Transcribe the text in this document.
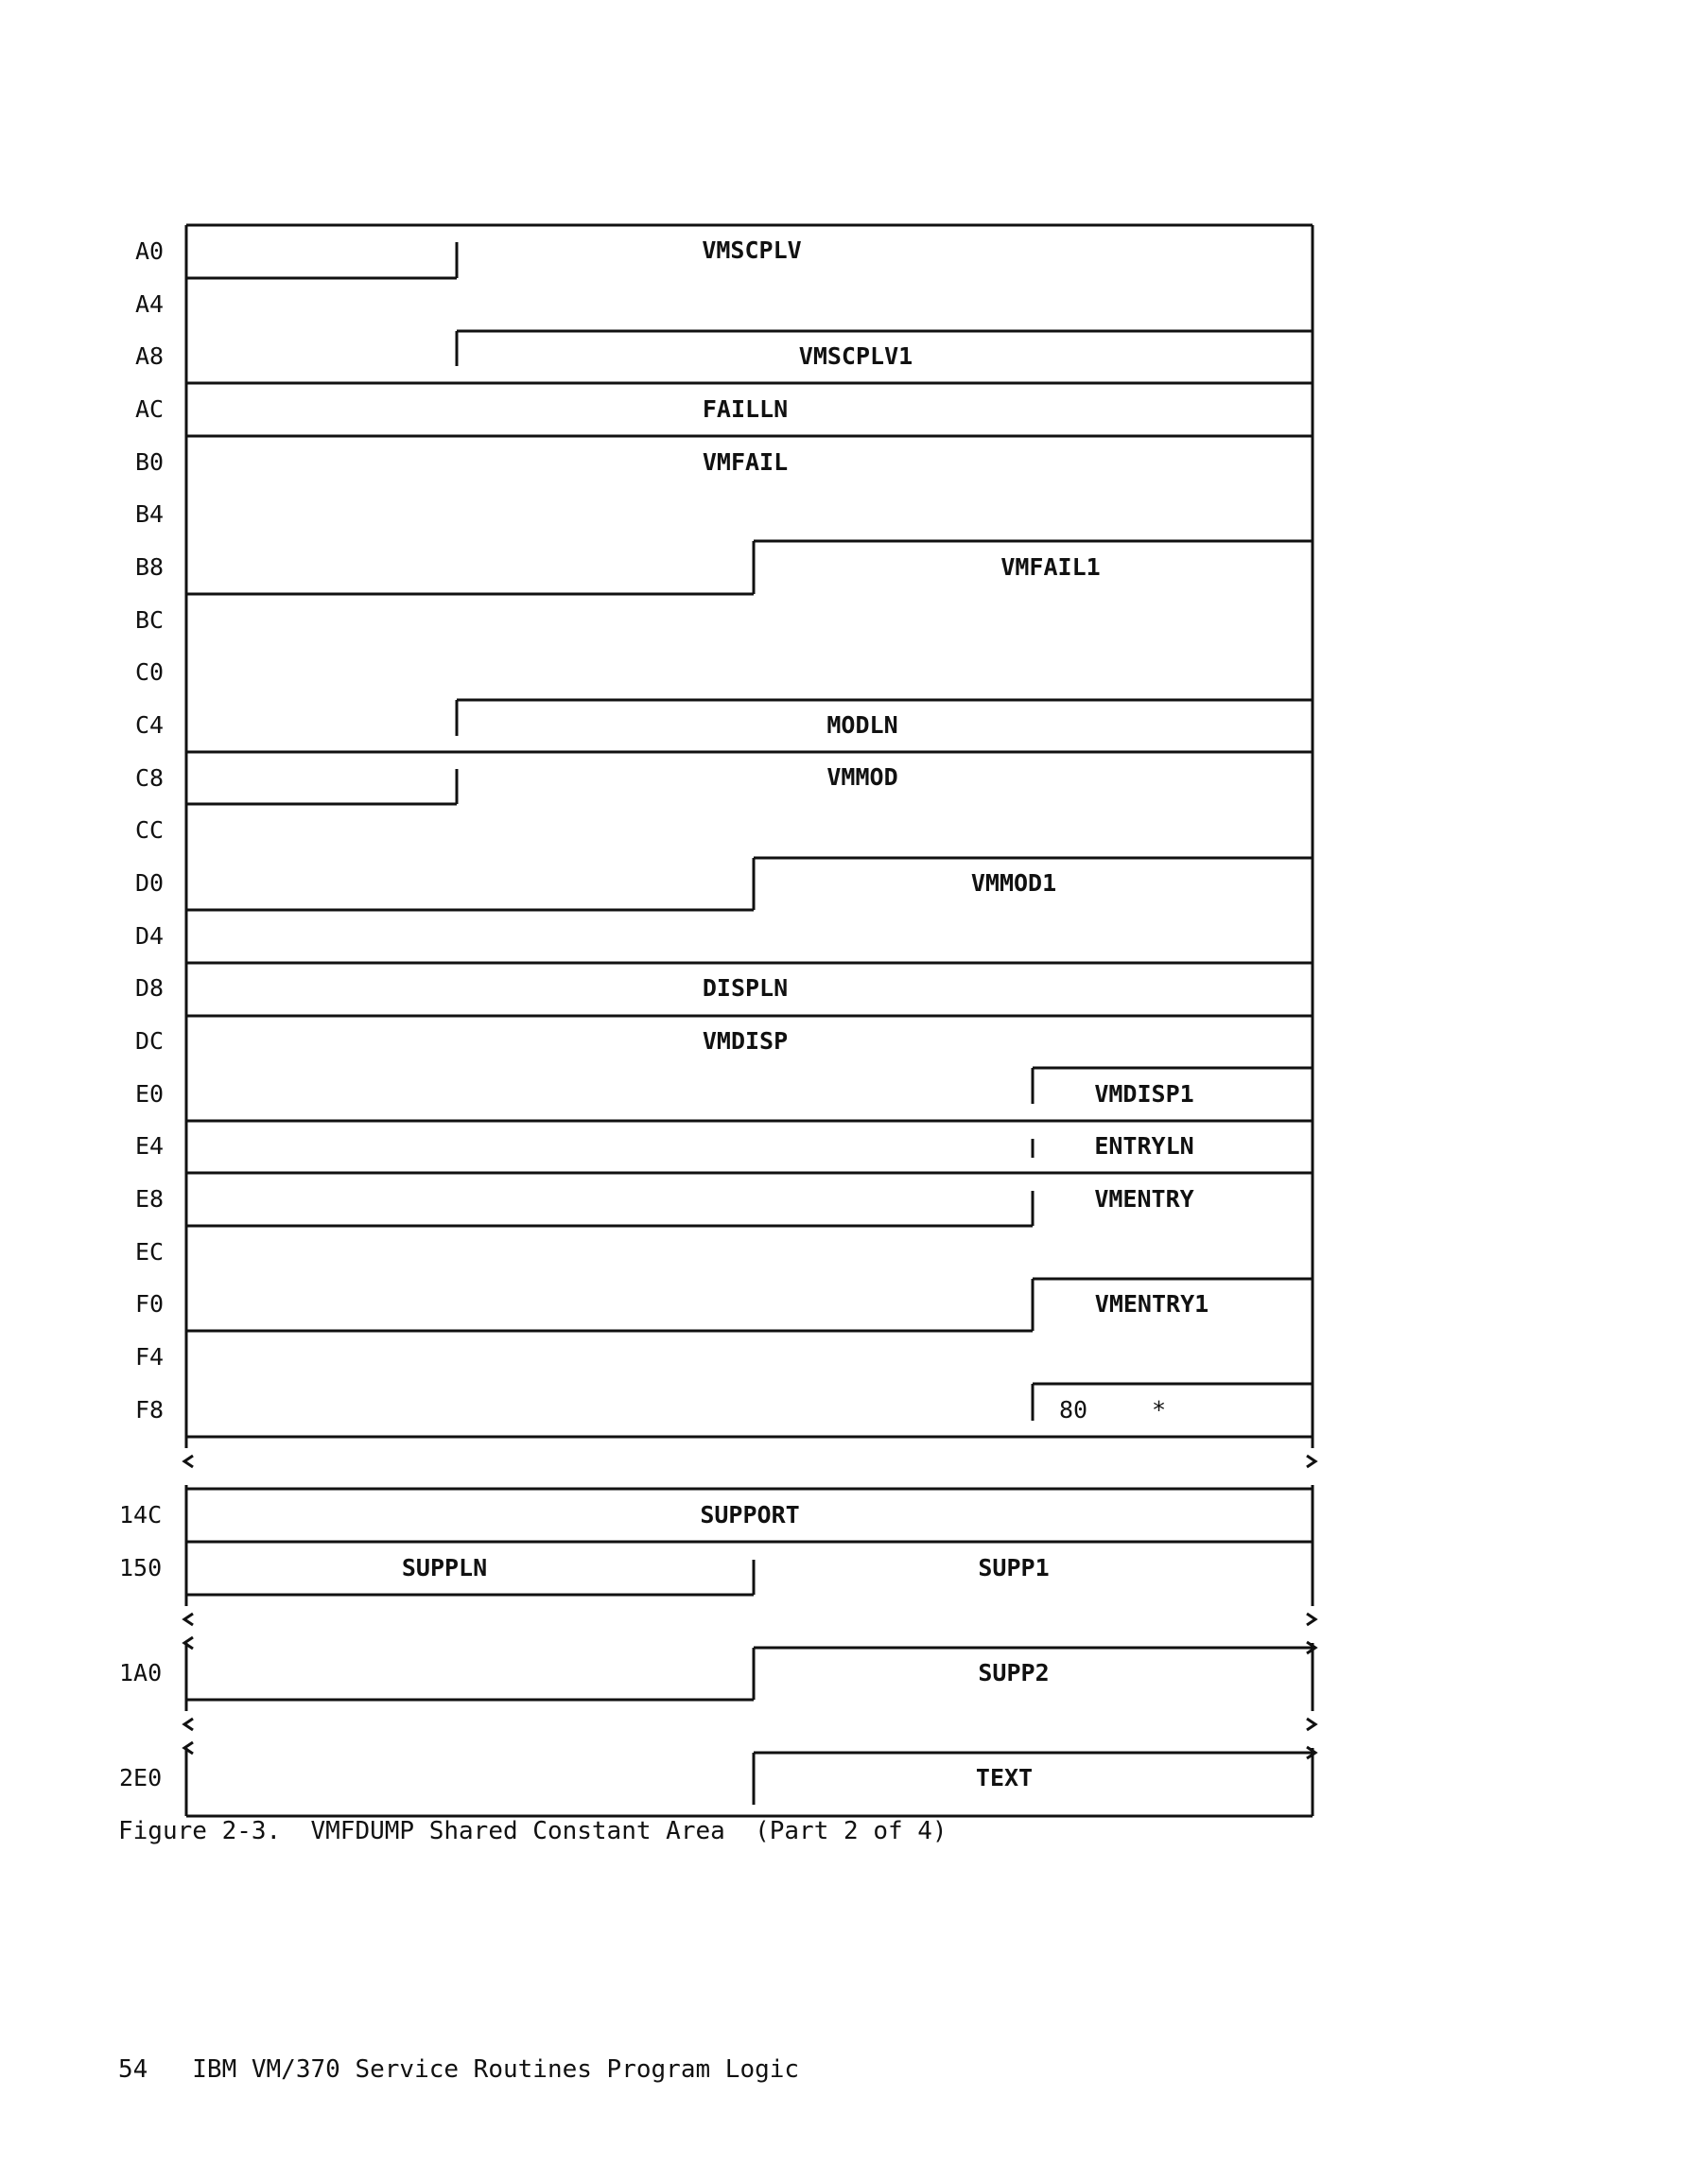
A0
A4
A8
AC
B0
B4
B8
BC
C0
C4
C8
CC
D0
D4
D8
DC
E0
E4
E8
EC
F0
F4
F8
14C
150
1A0
2E0
VMSCPLV
VMSCPLV1
FAILLN
VMFAIL
VMFAIL1
MODLN
VMMOD
VMMOD1
DISPLN
VMDISP
VMDISP1
ENTRYLN
VMENTRY
VMENTRY1
80	*
SUPPORT
SUPPLN	SUPP1
SUPP2
TEXT
Figure 2-3.  VMFDUMP Shared Constant Area  (Part 2 of 4)
54   IBM VM/370 Service Routines Program Logic
